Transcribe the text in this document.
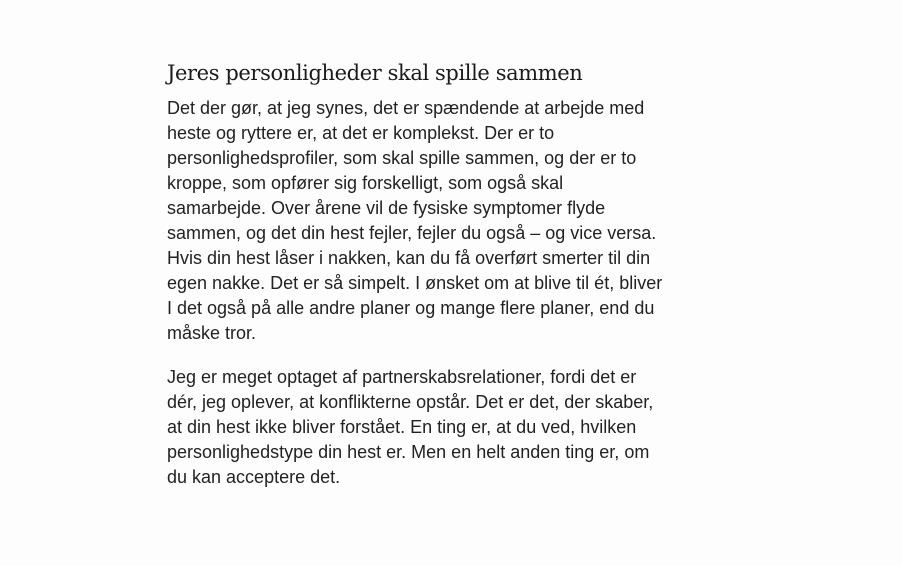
Jeres personligheder skal spille sammen

Det der gør, at jeg synes, det er spændende at arbejde med
heste og ryttere er, at det er komplekst. Der er to
personlighedsprofiler, som skal spille sammen, og der er to
kroppe, som opfører sig forskelligt, som også skal
samarbejde. Over årene vil de fysiske symptomer flyde
sammen, og det din hest fejler, fejler du også – og vice versa.
Hvis din hest låser i nakken, kan du få overført smerter til din
egen nakke. Det er så simpelt. I ønsket om at blive til ét, bliver
I det også på alle andre planer og mange flere planer, end du
måske tror.

Jeg er meget optaget af partnerskabsrelationer, fordi det er
dér, jeg oplever, at konflikterne opstår. Det er det, der skaber,
at din hest ikke bliver forstået. En ting er, at du ved, hvilken
personlighedstype din hest er. Men en helt anden ting er, om
du kan acceptere det.
